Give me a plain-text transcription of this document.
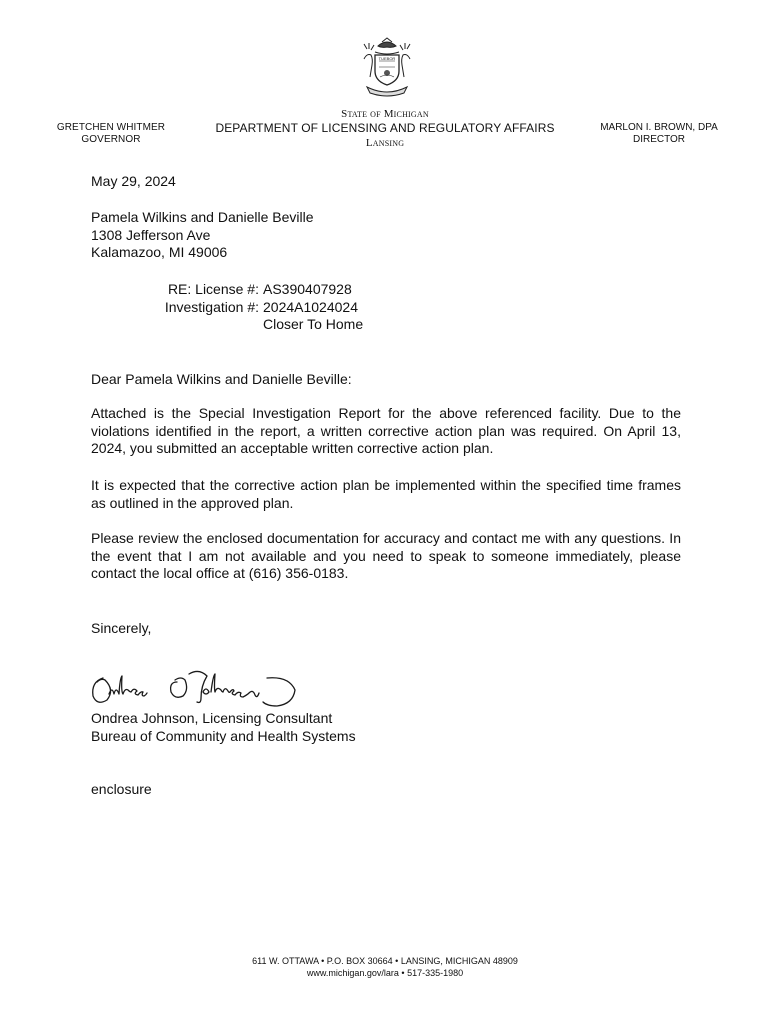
TUEBOR
GRETCHEN WHITMER
GOVERNOR
State of Michigan
DEPARTMENT OF LICENSING AND REGULATORY AFFAIRS
Lansing
MARLON I. BROWN, DPA
DIRECTOR
May 29, 2024
Pamela Wilkins and Danielle Beville
1308 Jefferson Ave
Kalamazoo, MI 49006
RE: License #: AS390407928
Investigation #: 2024A1024024
Closer To Home
Dear Pamela Wilkins and Danielle Beville:
Attached is the Special Investigation Report for the above referenced facility. Due to the violations identified in the report, a written corrective action plan was required. On April 13, 2024, you submitted an acceptable written corrective action plan.
It is expected that the corrective action plan be implemented within the specified time frames as outlined in the approved plan.
Please review the enclosed documentation for accuracy and contact me with any questions. In the event that I am not available and you need to speak to someone immediately, please contact the local office at (616) 356-0183.
Sincerely,
Ondrea Johnson, Licensing Consultant
Bureau of Community and Health Systems
enclosure
611 W. OTTAWA • P.O. BOX 30664 • LANSING, MICHIGAN 48909
www.michigan.gov/lara • 517-335-1980
